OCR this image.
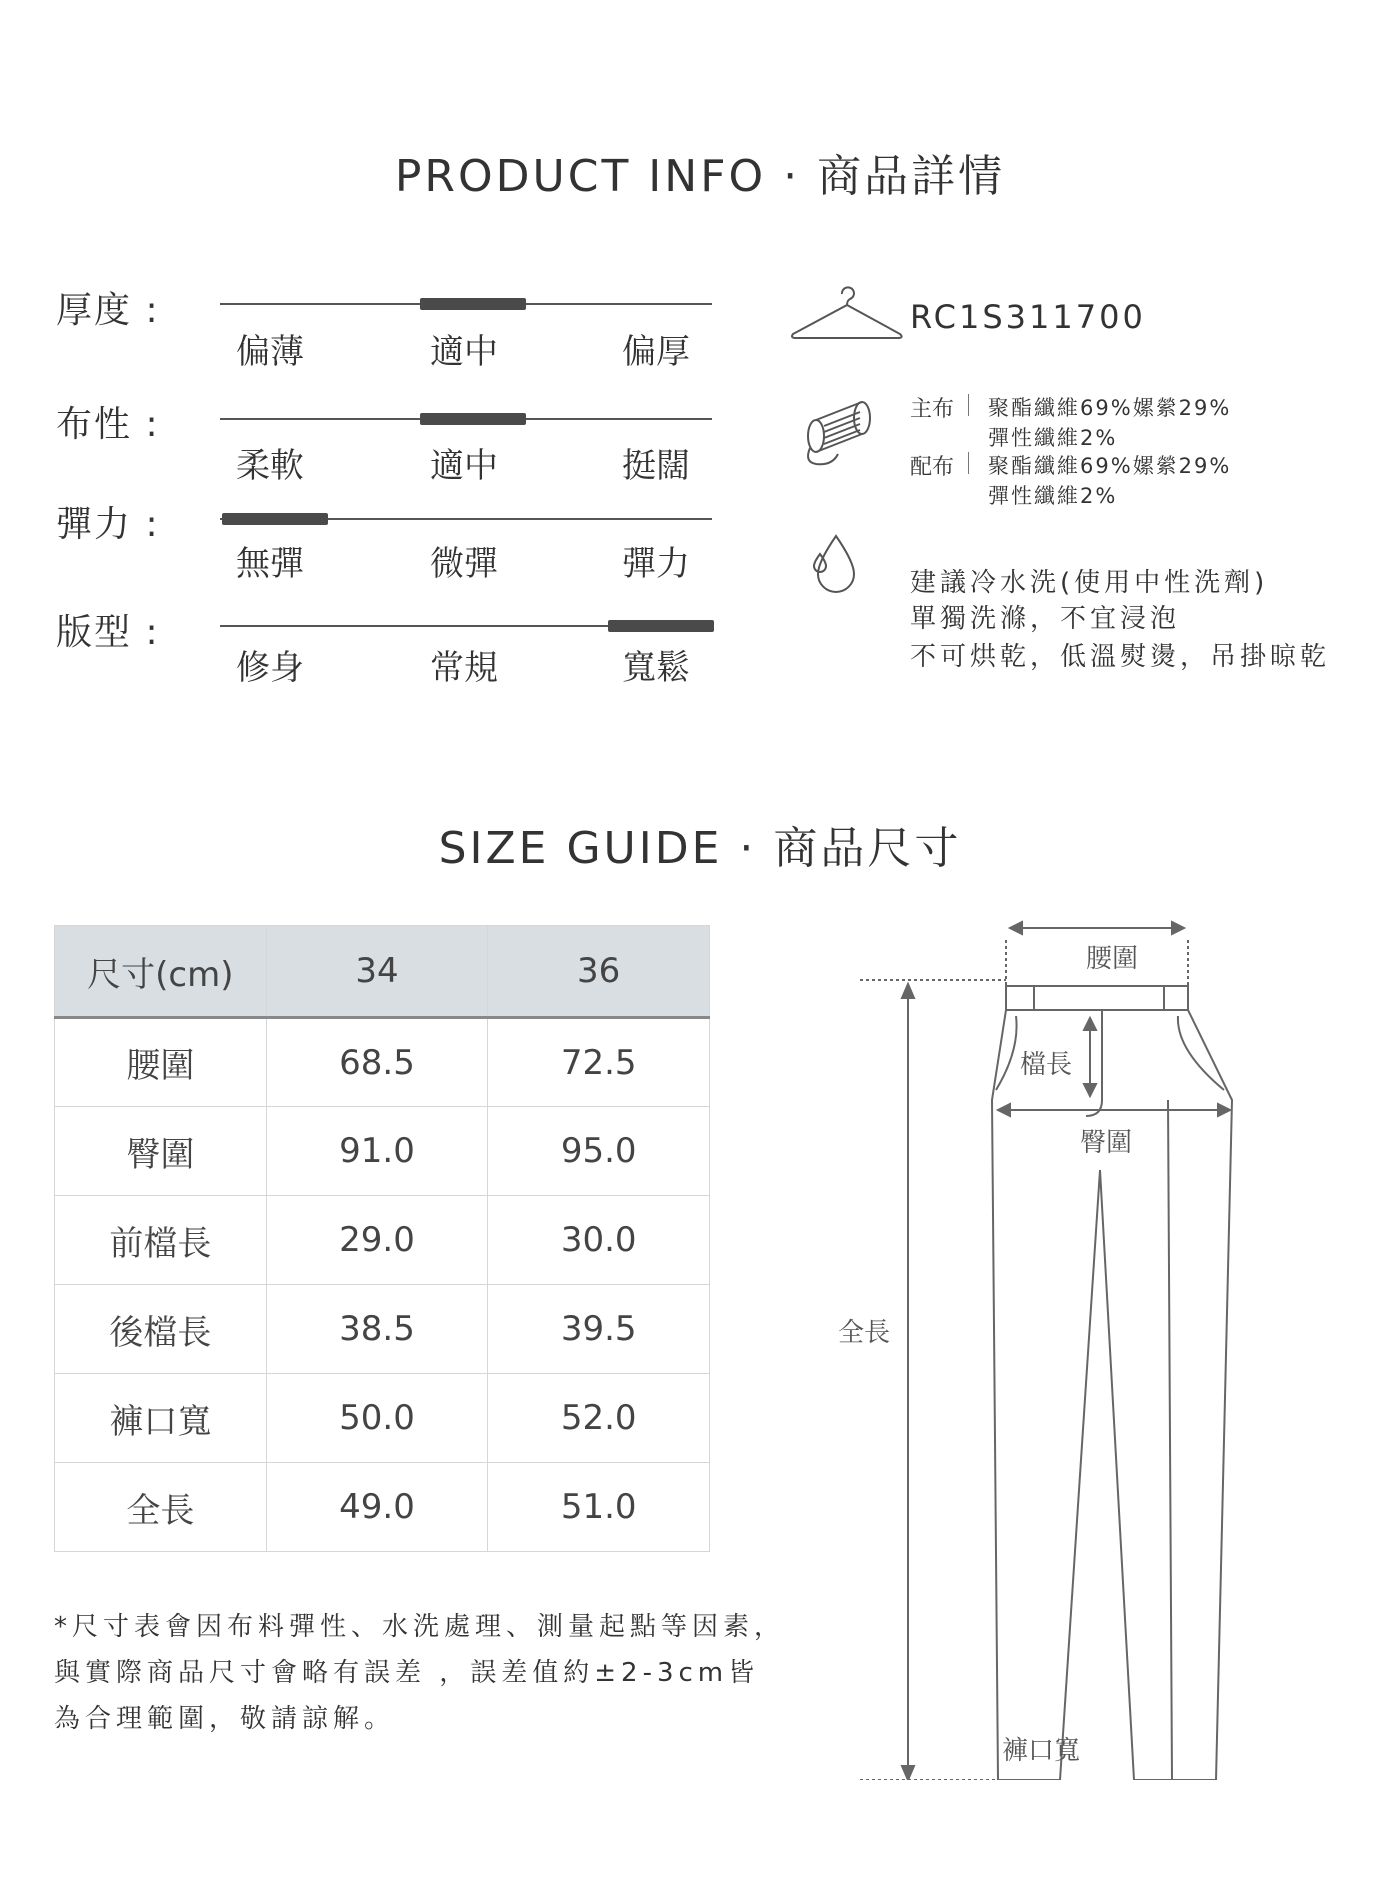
PRODUCT INFO · 商品詳情
厚度 :
偏薄	適中	偏厚
布性 :
柔軟	適中	挺闊
彈力 :
無彈	微彈	彈力
版型 :
修身	常規	寬鬆
RC1S311700
主布 聚酯纖維69%嫘縈29%
彈性纖維2%
配布 聚酯纖維69%嫘縈29%
彈性纖維2%
建議冷水洗(使用中性洗劑)
單獨洗滌，不宜浸泡
不可烘乾，低溫熨燙，吊掛晾乾
SIZE GUIDE · 商品尺寸
尺寸(cm)	34	36
腰圍	68.5	72.5
臀圍	91.0	95.0
前檔長	29.0	30.0
後檔長	38.5	39.5
褲口寬	50.0	52.0
全長	49.0	51.0
*尺寸表會因布料彈性、水洗處理、測量起點等因素，
與實際商品尺寸會略有誤差 ，誤差值約±2-3cm皆
為合理範圍，敬請諒解。
腰圍
檔長
臀圍
全長
褲口寬
